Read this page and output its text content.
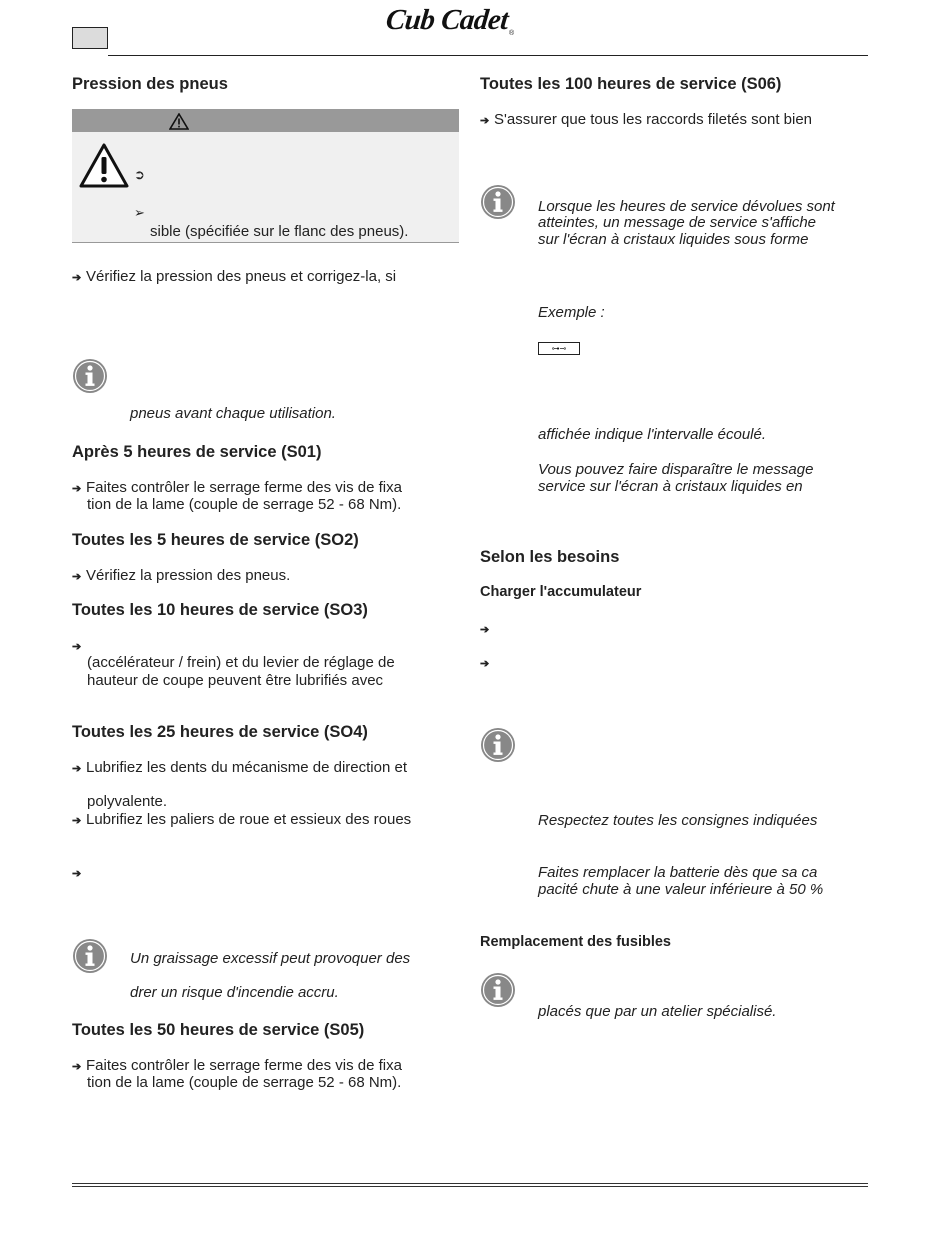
Cub Cadet®
Pression des pneus
➲
➢
sible (spécifiée sur le flanc des pneus).
➔ Vérifiez la pression des pneus et corrigez-la, si
pneus avant chaque utilisation.
Après 5 heures de service (S01)
➔ Faites contrôler le serrage ferme des vis de fixa
tion de la lame (couple de serrage 52 - 68 Nm).
Toutes les 5 heures de service (SO2)
➔ Vérifiez la pression des pneus.
Toutes les 10 heures de service (SO3)
➔
(accélérateur / frein) et du levier de réglage de
hauteur de coupe peuvent être lubrifiés avec
Toutes les 25 heures de service (SO4)
➔ Lubrifiez les dents du mécanisme de direction et
polyvalente.
➔ Lubrifiez les paliers de roue et essieux des roues
➔
Un graissage excessif peut provoquer des
drer un risque d'incendie accru.
Toutes les 50 heures de service (S05)
➔ Faites contrôler le serrage ferme des vis de fixa
tion de la lame (couple de serrage 52 - 68 Nm).
Toutes les 100 heures de service (S06)
➔ S'assurer que tous les raccords filetés sont bien
Lorsque les heures de service dévolues sont
atteintes, un message de service s'affiche
sur l'écran à cristaux liquides sous forme
Exemple :
⊶⊸
affichée indique l'intervalle écoulé.
Vous pouvez faire disparaître le message
service sur l'écran à cristaux liquides en
Selon les besoins
Charger l'accumulateur
➔
➔
Respectez toutes les consignes indiquées
Faites remplacer la batterie dès que sa ca
pacité chute à une valeur inférieure à 50 %
Remplacement des fusibles
placés que par un atelier spécialisé.
